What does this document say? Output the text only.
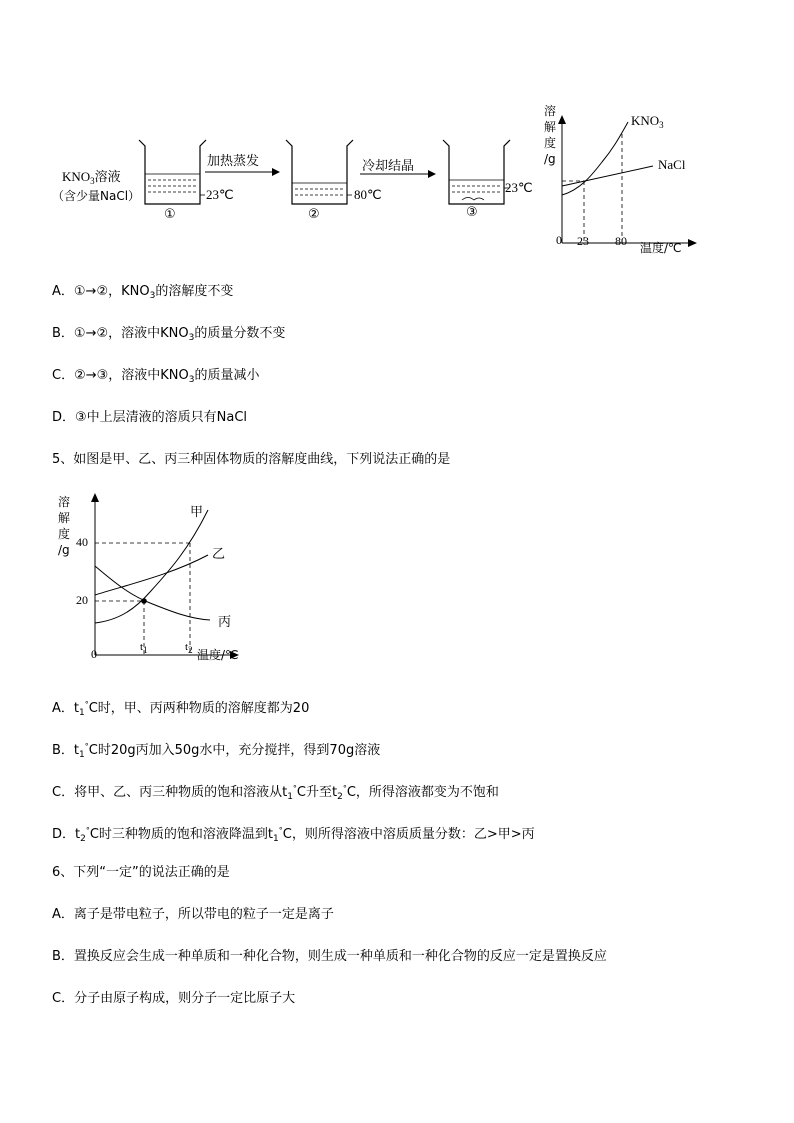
$KNO_3$溶液
（含少量NaCl）
加热蒸发	冷却结晶
23℃	80℃	23℃
①	②	③
溶
解
度
/g
$KNO_3$
NaCl
0 23 80 温度/℃
A．①→②，$KNO_3$的溶解度不变
B．①→②，溶液中$KNO_3$的质量分数不变
C．②→③，溶液中$KNO_3$的质量减小
D．③中上层清液的溶质只有NaCl
5、如图是甲、乙、丙三种固体物质的溶解度曲线，下列说法正确的是
溶
解
度
/g
40
20
0	$t_1$	$t_2$ 温度/℃
甲
乙
丙
A．$t_1^\circ C$时，甲、丙两种物质的溶解度都为20
B．$t_1^\circ C$时20g丙加入50g水中，充分搅拌，得到70g溶液
C．将甲、乙、丙三种物质的饱和溶液从$t_1^\circ C$升至$t_2^\circ C$，所得溶液都变为不饱和
D．$t_2^\circ C$时三种物质的饱和溶液降温到$t_1^\circ C$，则所得溶液中溶质质量分数：乙>甲>丙
6、下列“一定”的说法正确的是
A．离子是带电粒子，所以带电的粒子一定是离子
B．置换反应会生成一种单质和一种化合物，则生成一种单质和一种化合物的反应一定是置换反应
C．分子由原子构成，则分子一定比原子大
